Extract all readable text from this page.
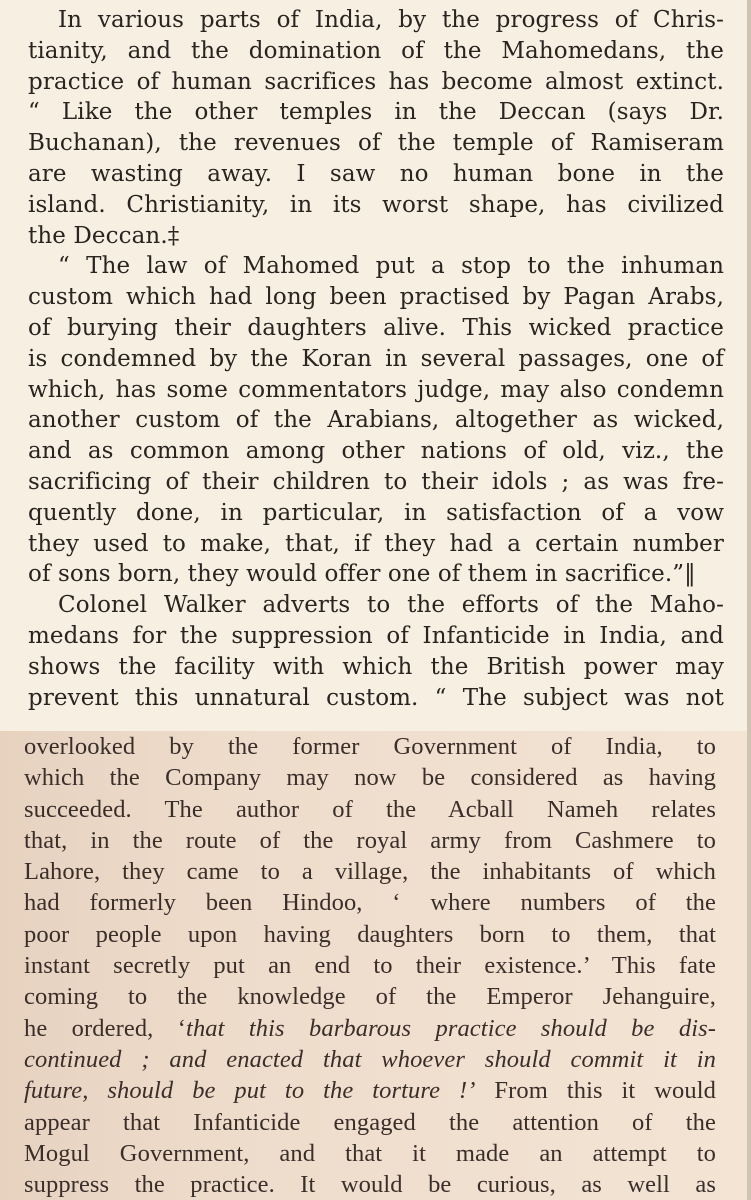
In various parts of India, by the progress of Chris-
tianity, and the domination of the Mahomedans, the
practice of human sacrifices has become almost extinct.
“ Like the other temples in the Deccan (says Dr.
Buchanan), the revenues of the temple of Ramiseram
are wasting away. I saw no human bone in the
island. Christianity, in its worst shape, has civilized
the Deccan.‡
“ The law of Mahomed put a stop to the inhuman
custom which had long been practised by Pagan Arabs,
of burying their daughters alive. This wicked practice
is condemned by the Koran in several passages, one of
which, has some commentators judge, may also condemn
another custom of the Arabians, altogether as wicked,
and as common among other nations of old, viz., the
sacrificing of their children to their idols ; as was fre-
quently done, in particular, in satisfaction of a vow
they used to make, that, if they had a certain number
of sons born, they would offer one of them in sacrifice.”‖
Colonel Walker adverts to the efforts of the Maho-
medans for the suppression of Infanticide in India, and
shows the facility with which the British power may
prevent this unnatural custom. “ The subject was not
overlooked by the former Government of India, to
which the Company may now be considered as having
succeeded. The author of the Acball Nameh relates
that, in the route of the royal army from Cashmere to
Lahore, they came to a village, the inhabitants of which
had formerly been Hindoo, ‘ where numbers of the
poor people upon having daughters born to them, that
instant secretly put an end to their existence.’ This fate
coming to the knowledge of the Emperor Jehanguire,
he ordered, ‘that this barbarous practice should be dis-
continued ; and enacted that whoever should commit it in
future, should be put to the torture !’ From this it would
appear that Infanticide engaged the attention of the
Mogul Government, and that it made an attempt to
suppress the practice. It would be curious, as well as
